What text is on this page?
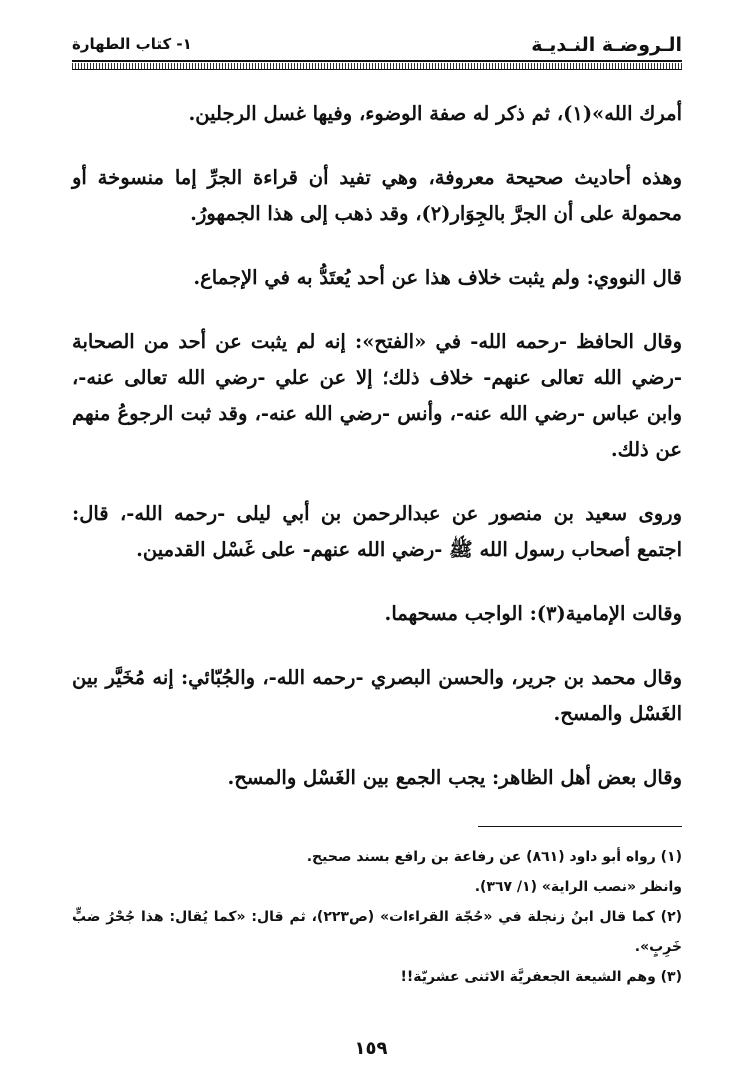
الـروضـة النـديـة
١- كتاب الطهارة

أمرك الله»(١)، ثم ذكر له صفة الوضوء، وفيها غسل الرجلين.

وهذه أحاديث صحيحة معروفة، وهي تفيد أن قراءة الجرِّ إما منسوخة أو محمولة على أن الجرَّ بالجِوَار(٢)، وقد ذهب إلى هذا الجمهورُ.

قال النووي: ولم يثبت خلاف هذا عن أحد يُعتَدُّ به في الإجماع.

وقال الحافظ -رحمه الله- في «الفتح»: إنه لم يثبت عن أحد من الصحابة -رضي الله تعالى عنهم- خلاف ذلك؛ إلا عن علي -رضي الله تعالى عنه-، وابن عباس -رضي الله عنه-، وأنس -رضي الله عنه-، وقد ثبت الرجوعُ منهم عن ذلك.

وروى سعيد بن منصور عن عبدالرحمن بن أبي ليلى -رحمه الله-، قال: اجتمع أصحاب رسول الله ﷺ -رضي الله عنهم- على غَسْل القدمين.

وقالت الإمامية(٣): الواجب مسحهما.

وقال محمد بن جرير، والحسن البصري -رحمه الله-، والجُبّائي: إنه مُخَيَّر بين الغَسْل والمسح.

وقال بعض أهل الظاهر: يجب الجمع بين الغَسْل والمسح.

(١) رواه أبو داود (٨٦١) عن رفاعة بن رافع بسند صحيح.

وانظر «نصب الراية» (١/ ٣٦٧).

(٢) كما قال ابنُ زنجلة في «حُجّة القراءات» (ص٢٢٣)، ثم قال: «كما يُقال: هذا جُحْرُ ضبٍّ خَرِبٍ».

(٣) وهم الشيعة الجعفريَّة الاثنى عشريّة!!

١٥٩
